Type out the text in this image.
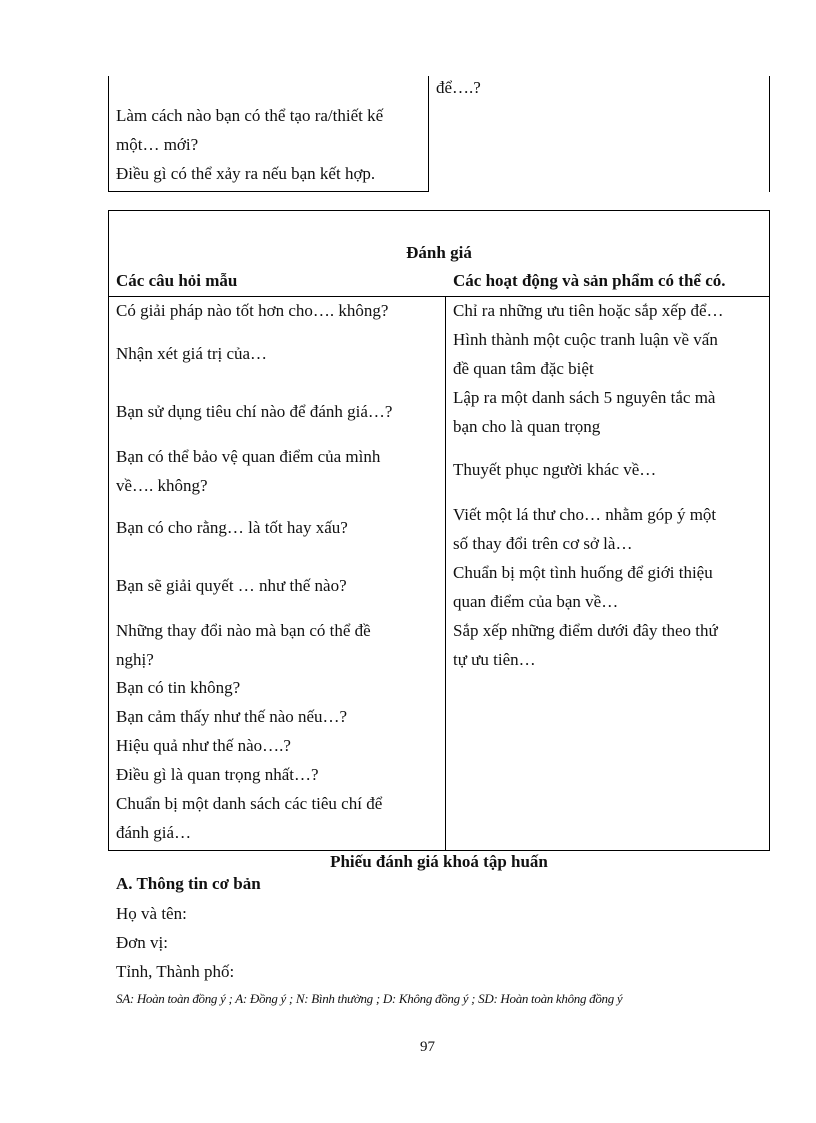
Làm cách nào bạn có thể tạo ra/thiết kế
một… mới?
Điều gì có thể xảy ra nếu bạn kết hợp.
để….?
Đánh giá
Các câu hỏi mẫu	Các hoạt động và sản phẩm có thể có.
Có giải pháp nào tốt hơn cho…. không?
Nhận xét giá trị của…
Bạn sử dụng tiêu chí nào để đánh giá…?
Bạn có thể bảo vệ quan điểm của mình
về…. không?
Bạn có cho rằng… là tốt hay xấu?
Bạn sẽ giải quyết … như thế nào?
Những thay đổi nào mà bạn có thể đề
nghị?
Bạn có tin không?
Bạn cảm thấy như thế nào nếu…?
Hiệu quả như thế nào….?
Điều gì là quan trọng nhất…?
Chuẩn bị một danh sách các tiêu chí để
đánh giá…
Chỉ ra những ưu tiên hoặc sắp xếp để…
Hình thành một cuộc tranh luận về vấn
đề quan tâm đặc biệt
Lập ra một danh sách 5 nguyên tắc mà
bạn cho là quan trọng
Thuyết phục người khác về…
Viết một lá thư cho… nhằm góp ý một
số thay đổi trên cơ sở là…
Chuẩn bị một tình huống để giới thiệu
quan điểm của bạn về…
Sắp xếp những điểm dưới đây theo thứ
tự ưu tiên…
Phiếu đánh giá khoá tập huấn
A. Thông tin cơ bản
Họ và tên:
Đơn vị:
Tỉnh, Thành phố:
SA: Hoàn toàn đồng ý ; A: Đồng ý ; N: Bình thường ; D: Không đồng ý ; SD: Hoàn toàn không đồng ý
97
